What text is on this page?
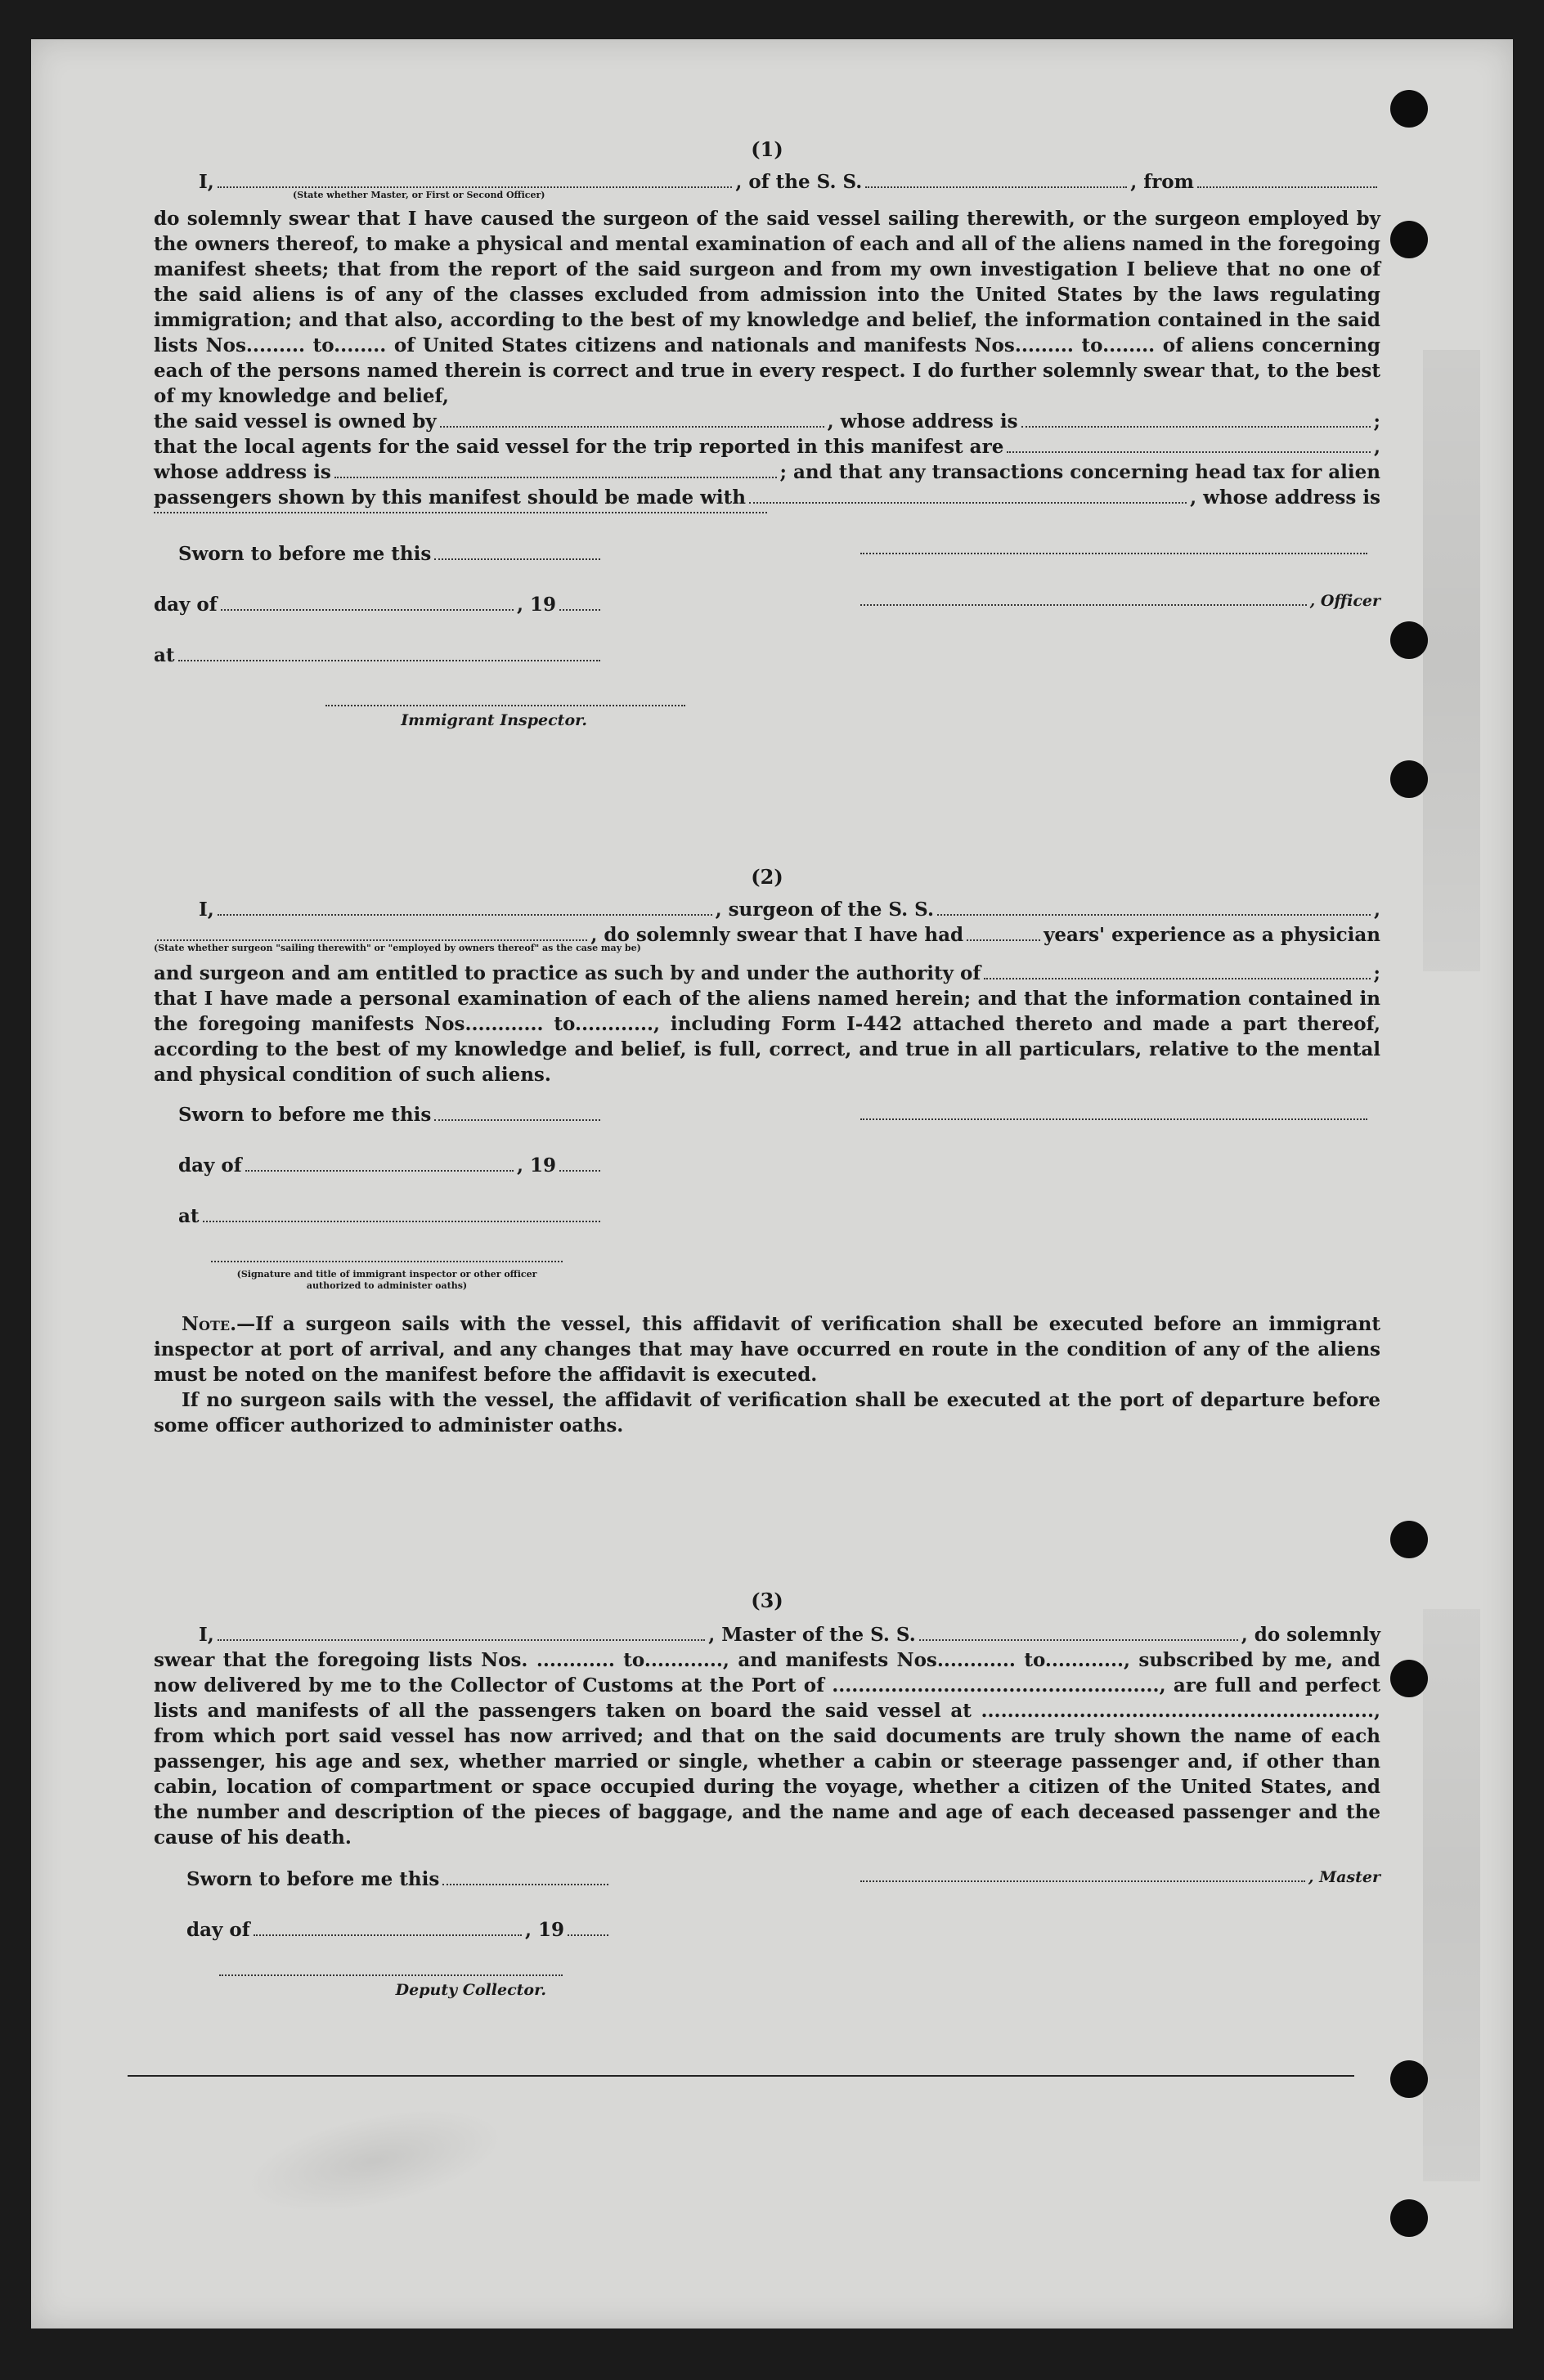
(1)
I,	, of the S. S.	, from
(State whether Master, or First or Second Officer)
do solemnly swear that I have caused the surgeon of the said vessel sailing therewith, or the surgeon employed by the owners thereof, to make a physical and mental examination of each and all of the aliens named in the foregoing manifest sheets; that from the report of the said surgeon and from my own investigation I believe that no one of the said aliens is of any of the classes excluded from admission into the United States by the laws regulating immigration; and that also, according to the best of my knowledge and belief, the information contained in the said lists Nos......... to........ of United States citizens and nationals and manifests Nos......... to........ of aliens concerning each of the persons named therein is correct and true in every respect. I do further solemnly swear that, to the best of my knowledge and belief,
the said vessel is owned by	, whose address is	;
that the local agents for the said vessel for the trip reported in this manifest are	,
whose address is	; and that any transactions concerning head tax for alien
passengers shown by this manifest should be made with	, whose address is
Sworn to before me this
day of	, 19
at
Immigrant Inspector.
, Officer
(2)
I,	, surgeon of the S. S.	,
, do solemnly swear that I have had	years' experience as a physician
(State whether surgeon "sailing therewith" or "employed by owners thereof" as the case may be)
and surgeon and am entitled to practice as such by and under the authority of	;
that I have made a personal examination of each of the aliens named herein; and that the information contained in the foregoing manifests Nos............ to............, including Form I-442 attached thereto and made a part thereof, according to the best of my knowledge and belief, is full, correct, and true in all particulars, relative to the mental and physical condition of such aliens.
Sworn to before me this
day of	, 19
at
(Signature and title of immigrant inspector or other officer authorized to administer oaths)
Note.—If a surgeon sails with the vessel, this affidavit of verification shall be executed before an immigrant inspector at port of arrival, and any changes that may have occurred en route in the condition of any of the aliens must be noted on the manifest before the affidavit is executed.
If no surgeon sails with the vessel, the affidavit of verification shall be executed at the port of departure before some officer authorized to administer oaths.
(3)
I,	, Master of the S. S.	, do solemnly
swear that the foregoing lists Nos. ............ to............, and manifests Nos............ to............, subscribed by me, and now delivered by me to the Collector of Customs at the Port of .................................................., are full and perfect lists and manifests of all the passengers taken on board the said vessel at ............................................................, from which port said vessel has now arrived; and that on the said documents are truly shown the name of each passenger, his age and sex, whether married or single, whether a cabin or steerage passenger and, if other than cabin, location of compartment or space occupied during the voyage, whether a citizen of the United States, and the number and description of the pieces of baggage, and the name and age of each deceased passenger and the cause of his death.
Sworn to before me this
day of	, 19
Deputy Collector.
, Master
